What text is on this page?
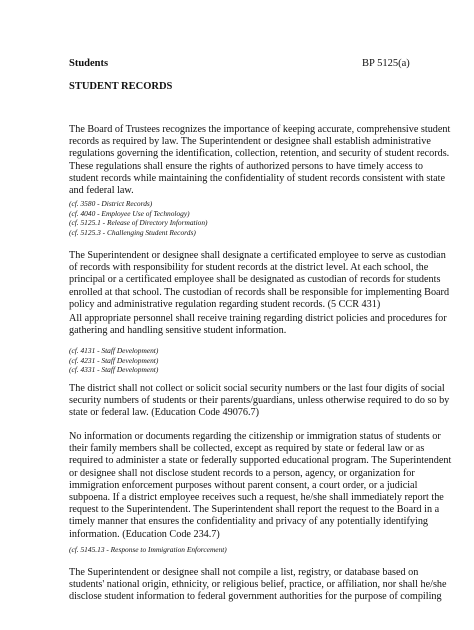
Students	BP 5125(a)
STUDENT RECORDS
The Board of Trustees recognizes the importance of keeping accurate, comprehensive student
records as required by law. The Superintendent or designee shall establish administrative
regulations governing the identification, collection, retention, and security of student records.
These regulations shall ensure the rights of authorized persons to have timely access to
student records while maintaining the confidentiality of student records consistent with state
and federal law.
(cf. 3580 - District Records)
(cf. 4040 - Employee Use of Technology)
(cf. 5125.1 - Release of Directory Information)
(cf. 5125.3 - Challenging Student Records)
The Superintendent or designee shall designate a certificated employee to serve as custodian
of records with responsibility for student records at the district level. At each school, the
principal or a certificated employee shall be designated as custodian of records for students
enrolled at that school. The custodian of records shall be responsible for implementing Board
policy and administrative regulation regarding student records. (5 CCR 431)
All appropriate personnel shall receive training regarding district policies and procedures for
gathering and handling sensitive student information.
(cf. 4131 - Staff Development)
(cf. 4231 - Staff Development)
(cf. 4331 - Staff Development)
The district shall not collect or solicit social security numbers or the last four digits of social
security numbers of students or their parents/guardians, unless otherwise required to do so by
state or federal law. (Education Code 49076.7)
No information or documents regarding the citizenship or immigration status of students or
their family members shall be collected, except as required by state or federal law or as
required to administer a state or federally supported educational program. The Superintendent
or designee shall not disclose student records to a person, agency, or organization for
immigration enforcement purposes without parent consent, a court order, or a judicial
subpoena. If a district employee receives such a request, he/she shall immediately report the
request to the Superintendent. The Superintendent shall report the request to the Board in a
timely manner that ensures the confidentiality and privacy of any potentially identifying
information. (Education Code 234.7)
(cf. 5145.13 - Response to Immigration Enforcement)
The Superintendent or designee shall not compile a list, registry, or database based on
students' national origin, ethnicity, or religious belief, practice, or affiliation, nor shall he/she
disclose student information to federal government authorities for the purpose of compiling
